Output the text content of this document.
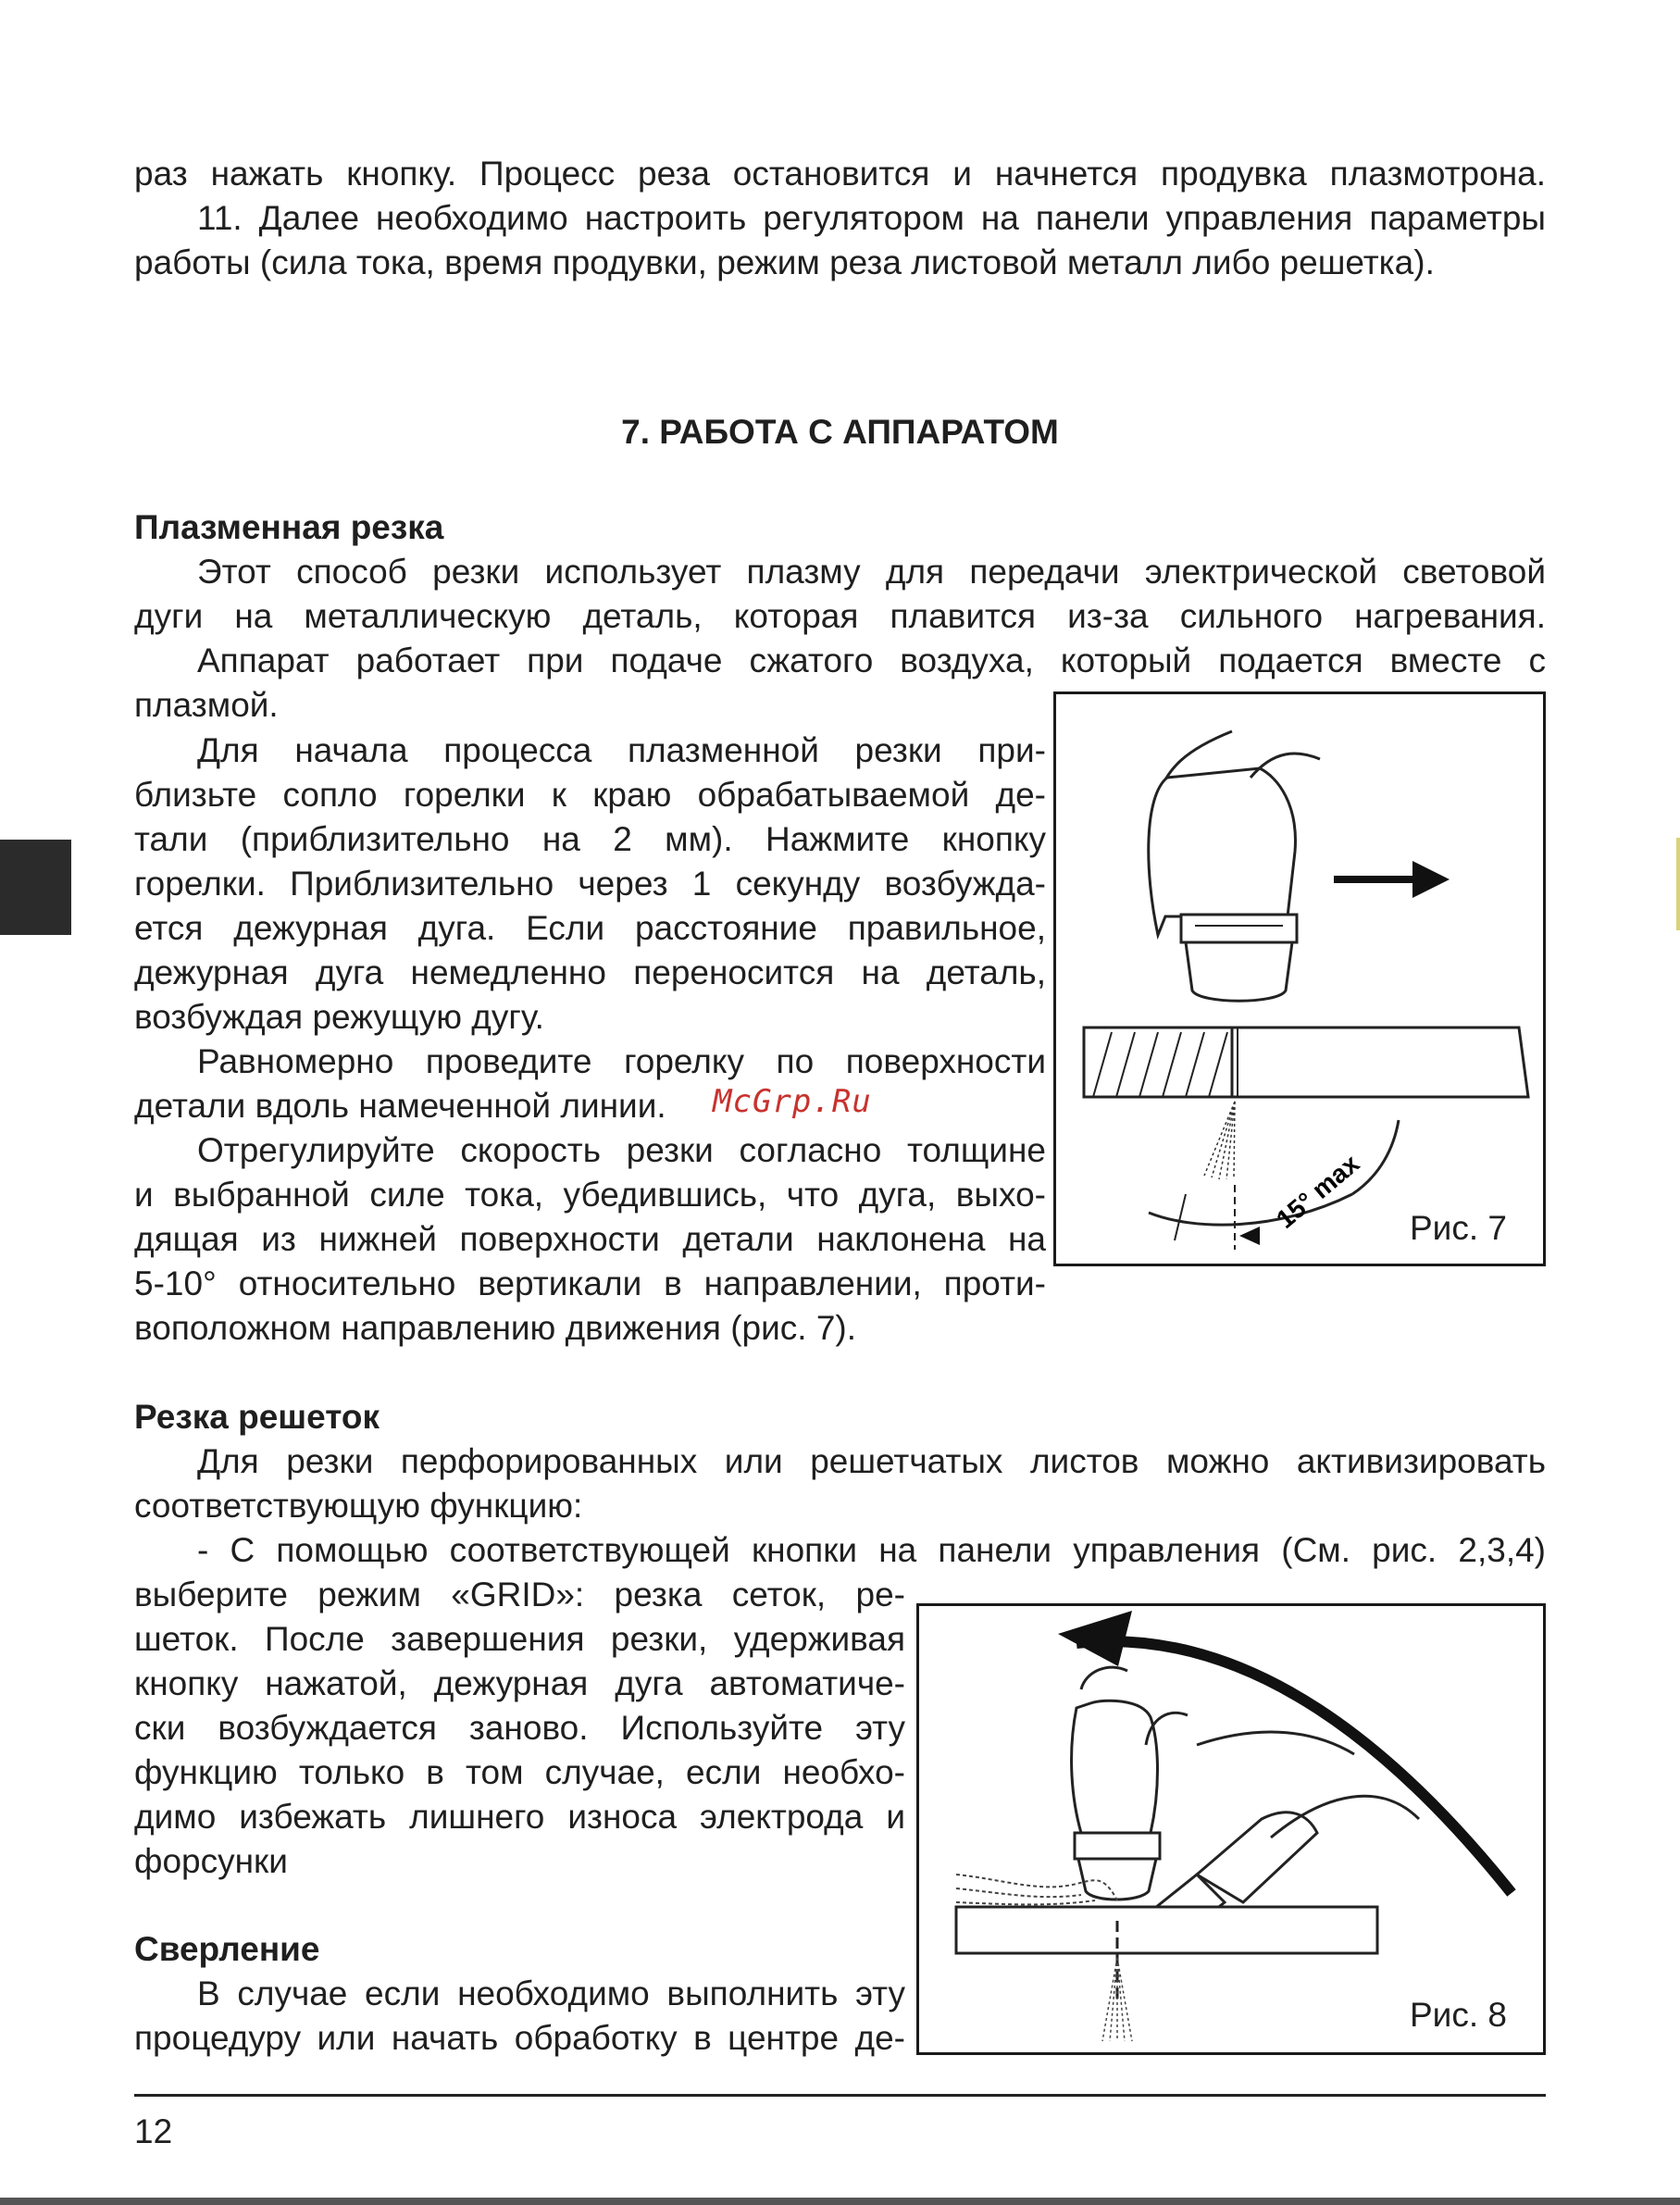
раз нажать кнопку. Процесс реза остановится и начнется продувка плазмотрона.
11. Далее необходимо настроить регулятором на панели управления параметры
работы (сила тока, время продувки, режим реза листовой металл либо решетка).
7. РАБОТА С АППАРАТОМ
Плазменная резка
Этот способ резки использует плазму для передачи электрической световой
дуги на металлическую деталь, которая плавится из-за сильного нагревания.
Аппарат работает при подаче сжатого воздуха, который подается вместе с
плазмой.
Для начала процесса плазменной резки при-
близьте сопло горелки к краю обрабатываемой де-
тали (приблизительно на 2 мм). Нажмите кнопку
горелки. Приблизительно через 1 секунду возбужда-
ется дежурная дуга. Если расстояние правильное,
дежурная дуга немедленно переносится на деталь,
возбуждая режущую дугу.
Равномерно проведите горелку по поверхности
детали вдоль намеченной линии. McGrp.Ru
Отрегулируйте скорость резки согласно толщине
и выбранной силе тока, убедившись, что дуга, выхо-
дящая из нижней поверхности детали наклонена на
5-10° относительно вертикали в направлении, проти-
воположном направлению движения (рис. 7).
15° max Рис. 7
Резка решеток
Для резки перфорированных или решетчатых листов можно активизировать
соответствующую функцию:
- С помощью соответствующей кнопки на панели управления (См. рис. 2,3,4)
выберите режим «GRID»: резка сеток, ре-
шеток. После завершения резки, удерживая
кнопку нажатой, дежурная дуга автоматиче-
ски возбуждается заново. Используйте эту
функцию только в том случае, если необхо-
димо избежать лишнего износа электрода и
форсунки
Сверление
В случае если необходимо выполнить эту
процедуру или начать обработку в центре де-
Рис. 8
12
